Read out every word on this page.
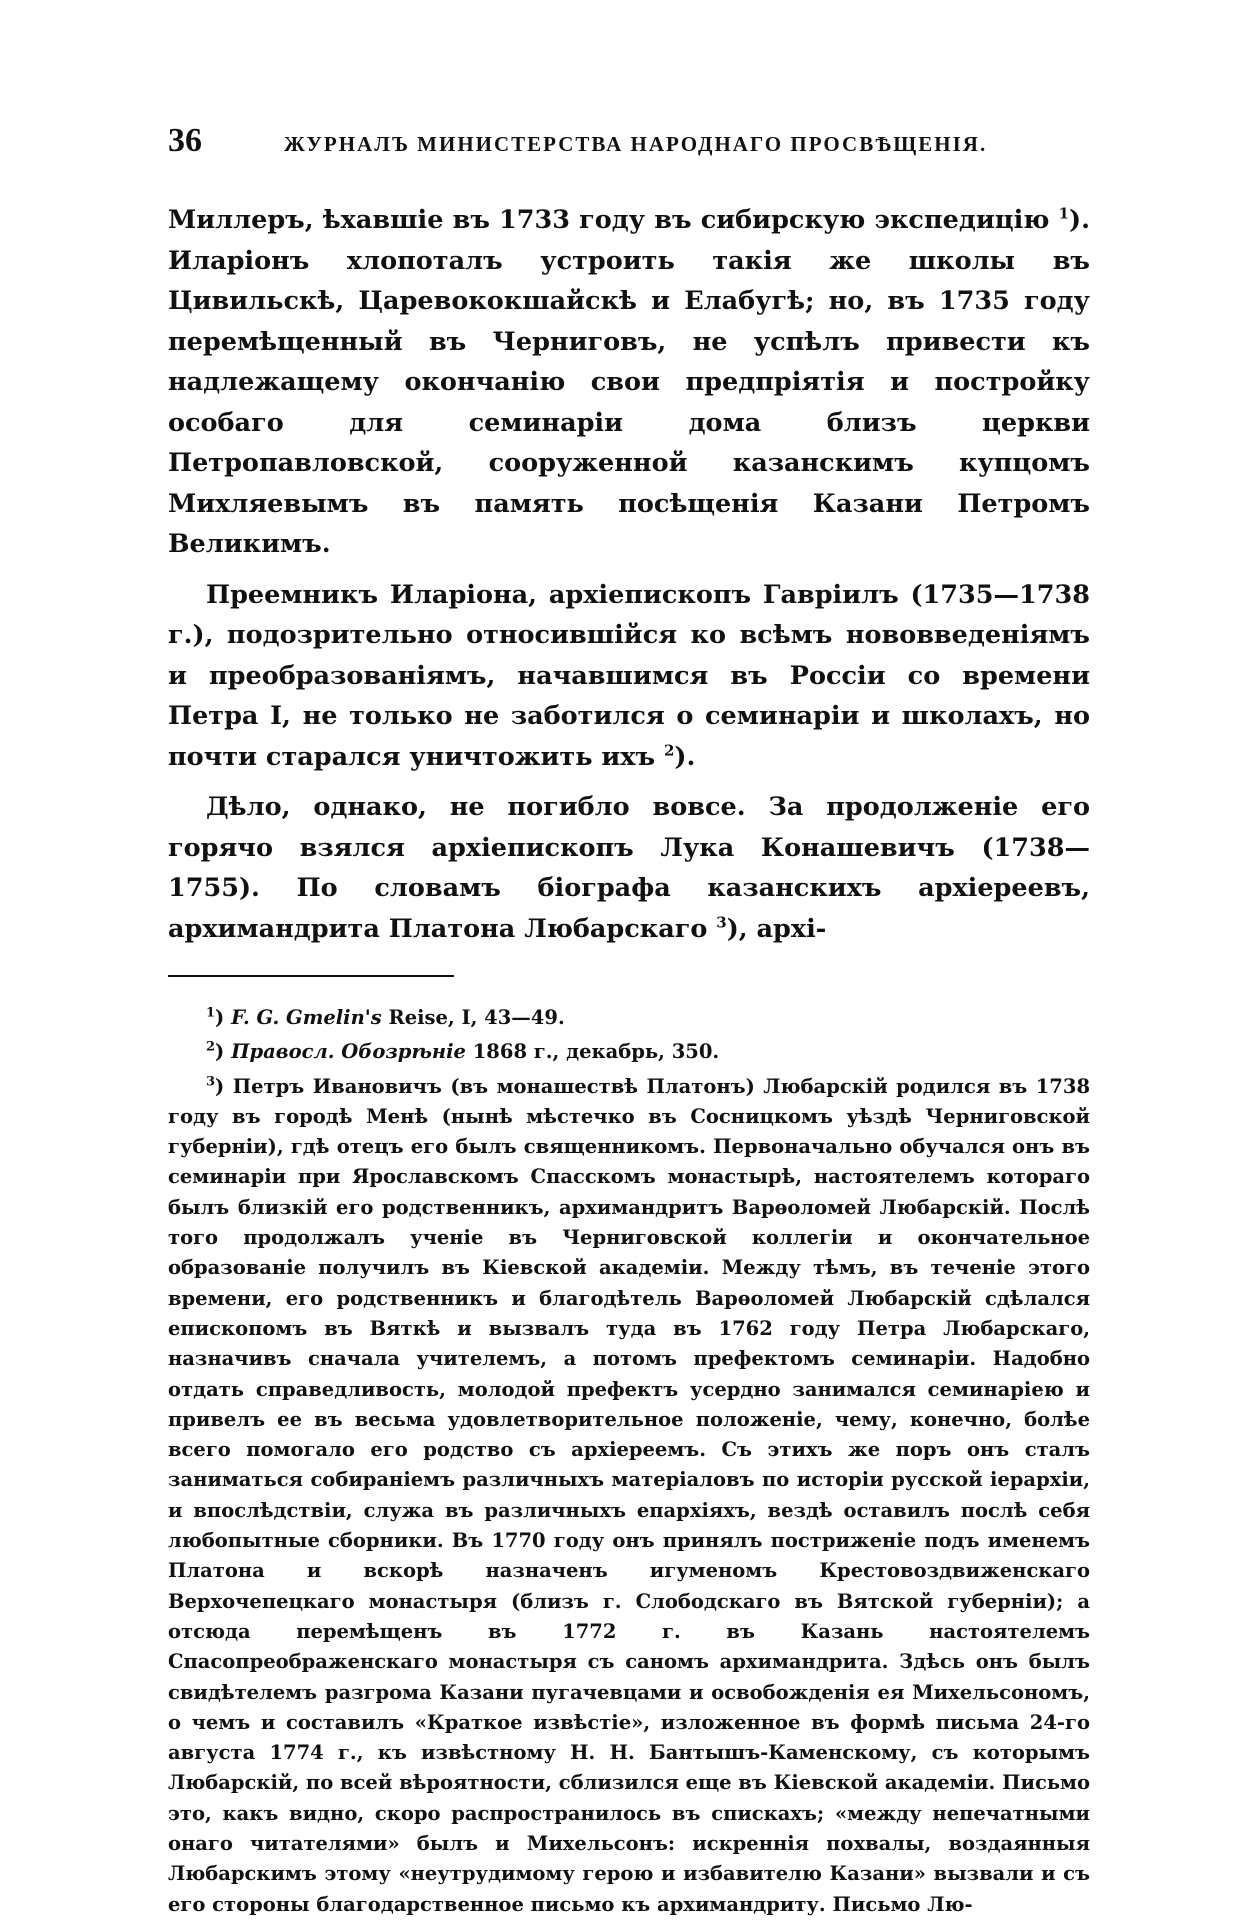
36	ЖУРНАЛЪ МИНИСТЕРСТВА НАРОДНАГО ПРОСВѢЩЕНІЯ.

Миллеръ, ѣхавшіе въ 1733 году въ сибирскую экспедицію $^1$). Иларіонъ хлопоталъ устроить такія же школы въ Цивильскѣ, Царевококшайскѣ и Елабугѣ; но, въ 1735 году перемѣщенный въ Черниговъ, не успѣлъ привести къ надлежащему окончанію свои предпріятія и постройку особаго для семинаріи дома близъ церкви Петропавловской, сооруженной казанскимъ купцомъ Михляевымъ въ память посѣщенія Казани Петромъ Великимъ.

Преемникъ Иларіона, архіепископъ Гавріилъ (1735—1738 г.), подозрительно относившійся ко всѣмъ нововведеніямъ и преобразованіямъ, начавшимся въ Россіи со времени Петра I, не только не заботился о семинаріи и школахъ, но почти старался уничтожить ихъ $^2$).

Дѣло, однако, не погибло вовсе. За продолженіе его горячо взялся архіепископъ Лука Конашевичъ (1738—1755). По словамъ біографа казанскихъ архіереевъ, архимандрита Платона Любарскаго $^3$), архі-

$^1$) F. G. Gmelin's Reise, I, 43—49.

$^2$) Правосл. Обозрѣніе 1868 г., декабрь, 350.

$^3$) Петръ Ивановичъ (въ монашествѣ Платонъ) Любарскій родился въ 1738 году въ городѣ Менѣ (нынѣ мѣстечко въ Сосницкомъ уѣздѣ Черниговской губерніи), гдѣ отецъ его былъ священникомъ. Первоначально обучался онъ въ семинаріи при Ярославскомъ Спасскомъ монастырѣ, настоятелемъ котораго былъ близкій его родственникъ, архимандритъ Варѳоломей Любарскій. Послѣ того продолжалъ ученіе въ Черниговской коллегіи и окончательное образованіе получилъ въ Кіевской академіи. Между тѣмъ, въ теченіе этого времени, его родственникъ и благодѣтель Варѳоломей Любарскій сдѣлался епископомъ въ Вяткѣ и вызвалъ туда въ 1762 году Петра Любарскаго, назначивъ сначала учителемъ, а потомъ префектомъ семинаріи. Надобно отдать справедливость, молодой префектъ усердно занимался семинаріею и привелъ ее въ весьма удовлетворительное положеніе, чему, конечно, болѣе всего помогало его родство съ архіереемъ. Съ этихъ же поръ онъ сталъ заниматься собираніемъ различныхъ матеріаловъ по исторіи русской іерархіи, и впослѣдствіи, служа въ различныхъ епархіяхъ, вездѣ оставилъ послѣ себя любопытные сборники. Въ 1770 году онъ принялъ постриженіе подъ именемъ Платона и вскорѣ назначенъ игуменомъ Крестовоздвиженскаго Верхочепецкаго монастыря (близъ г. Слободскаго въ Вятской губерніи); а отсюда перемѣщенъ въ 1772 г. въ Казань настоятелемъ Спасопреображенскаго монастыря съ саномъ архимандрита. Здѣсь онъ былъ свидѣтелемъ разгрома Казани пугачевцами и освобожденія ея Михельсономъ, о чемъ и составилъ «Краткое извѣстіе», изложенное въ формѣ письма 24-го августа 1774 г., къ извѣстному Н. Н. Бантышъ-Каменскому, съ которымъ Любарскій, по всей вѣроятности, сблизился еще въ Кіевской академіи. Письмо это, какъ видно, скоро распространилось въ спискахъ; «между непечатными онаго читателями» былъ и Михельсонъ: искреннія похвалы, воздаянныя Любарскимъ этому «неутрудимому герою и избавителю Казани» вызвали и съ его стороны благодарственное письмо къ архимандриту. Письмо Лю-
